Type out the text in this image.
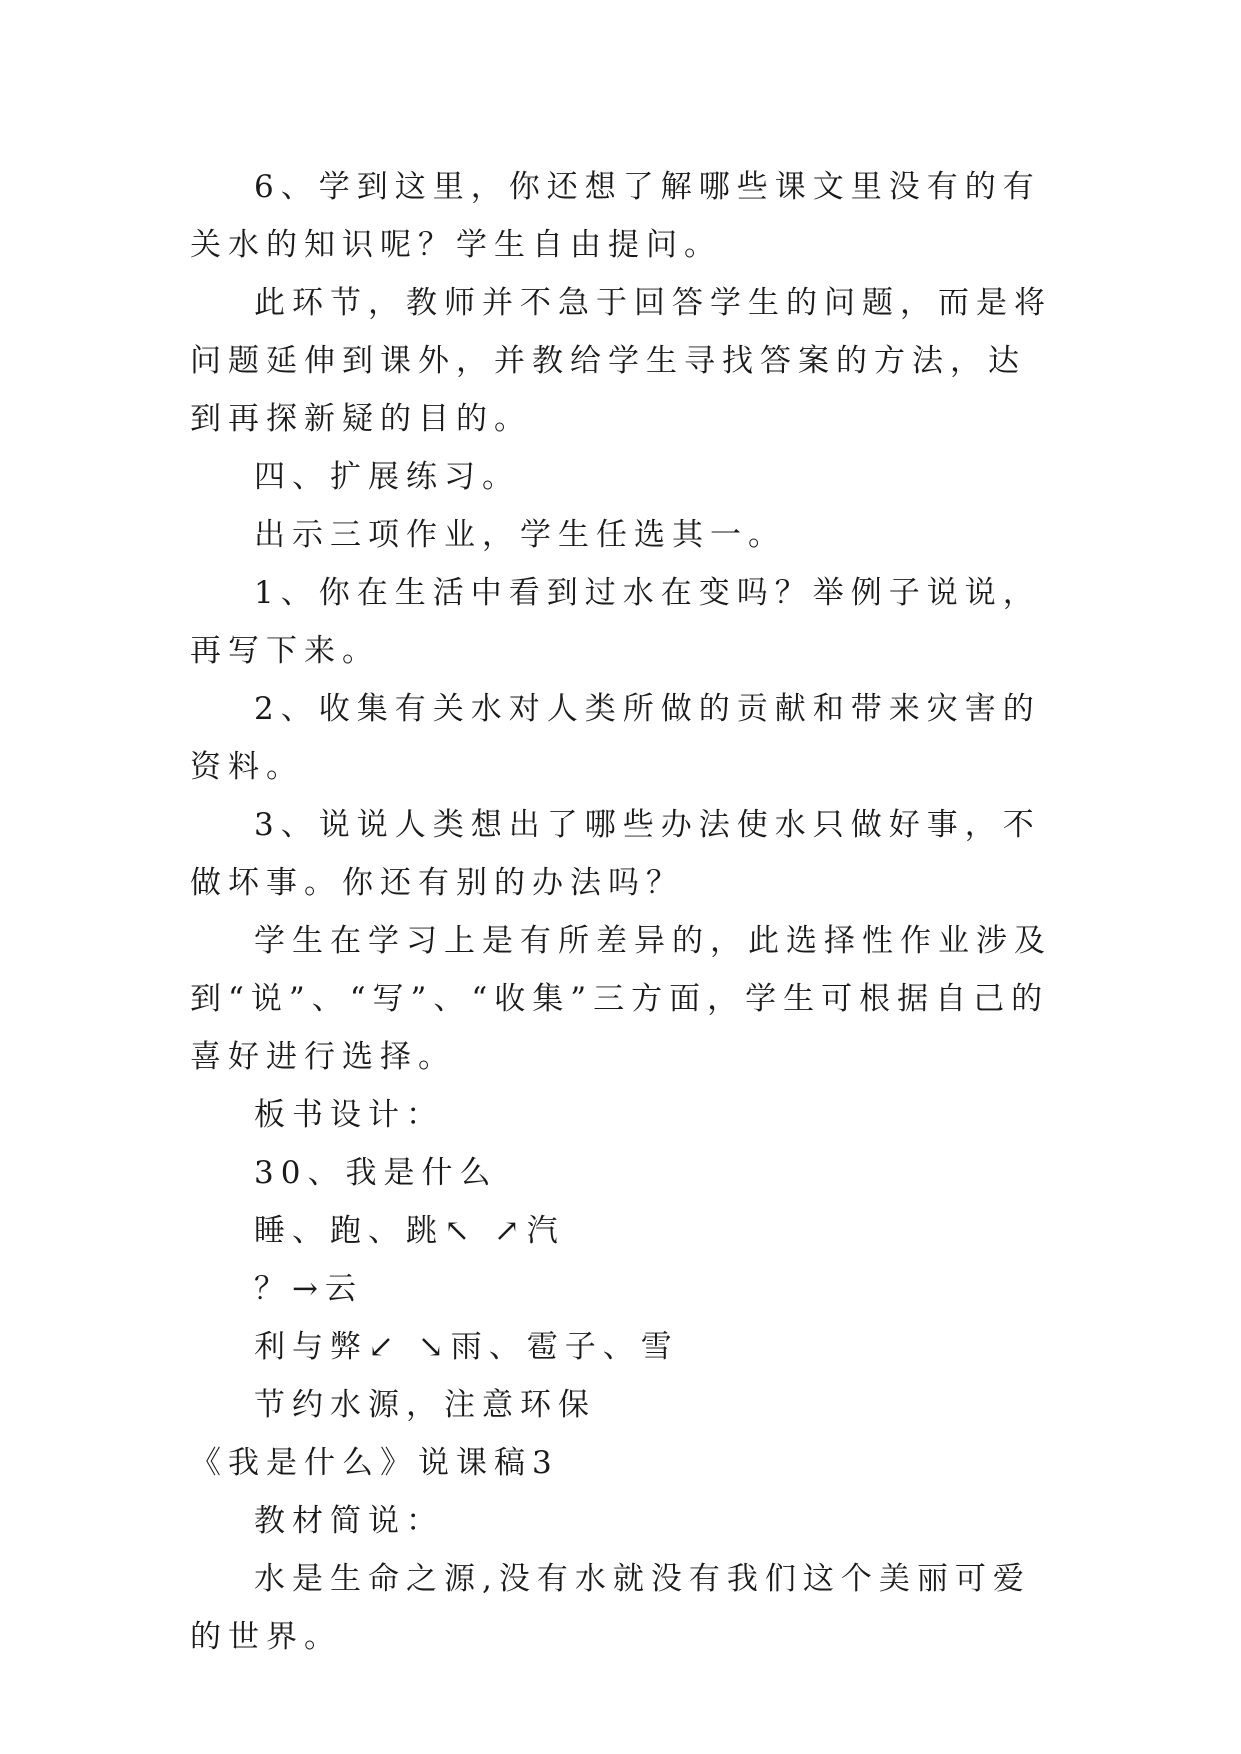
6、学到这里，你还想了解哪些课文里没有的有关水的知识呢？学生自由提问。

此环节，教师并不急于回答学生的问题，而是将问题延伸到课外，并教给学生寻找答案的方法，达到再探新疑的目的。

四、扩展练习。

出示三项作业，学生任选其一。

1、你在生活中看到过水在变吗？举例子说说，再写下来。

2、收集有关水对人类所做的贡献和带来灾害的资料。

3、说说人类想出了哪些办法使水只做好事，不做坏事。你还有别的办法吗？

学生在学习上是有所差异的，此选择性作业涉及到“说”、“写”、“收集”三方面，学生可根据自己的喜好进行选择。

板书设计：

30、我是什么

睡、跑、跳↖ ↗汽

？→云

利与弊↙ ↘雨、雹子、雪

节约水源，注意环保

《我是什么》说课稿3

教材简说：

水是生命之源,没有水就没有我们这个美丽可爱的世界。
